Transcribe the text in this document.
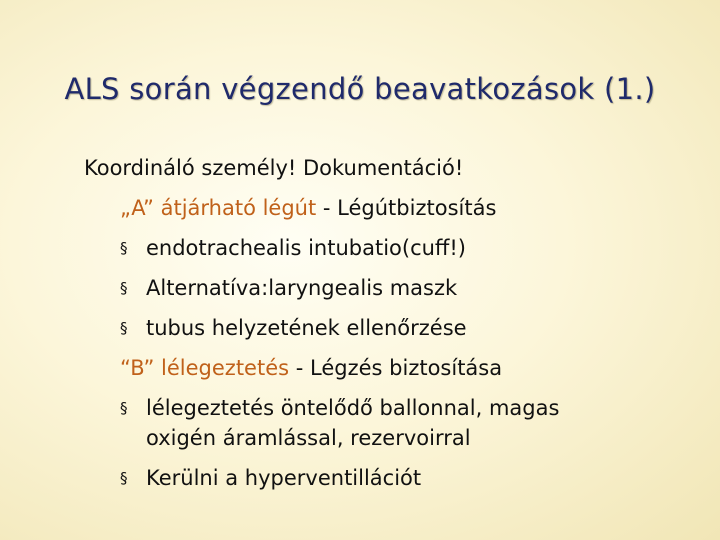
ALS során végzendő beavatkozások (1.)
Koordináló személy! Dokumentáció!
„A” átjárható légút - Légútbiztosítás
§ endotrachealis intubatio(cuff!)
§ Alternatíva:laryngealis maszk
§ tubus helyzetének ellenőrzése
“B” lélegeztetés - Légzés biztosítása
§ lélegeztetés öntelődő ballonnal, magas
oxigén áramlással, rezervoirral
§ Kerülni a hyperventillációt
